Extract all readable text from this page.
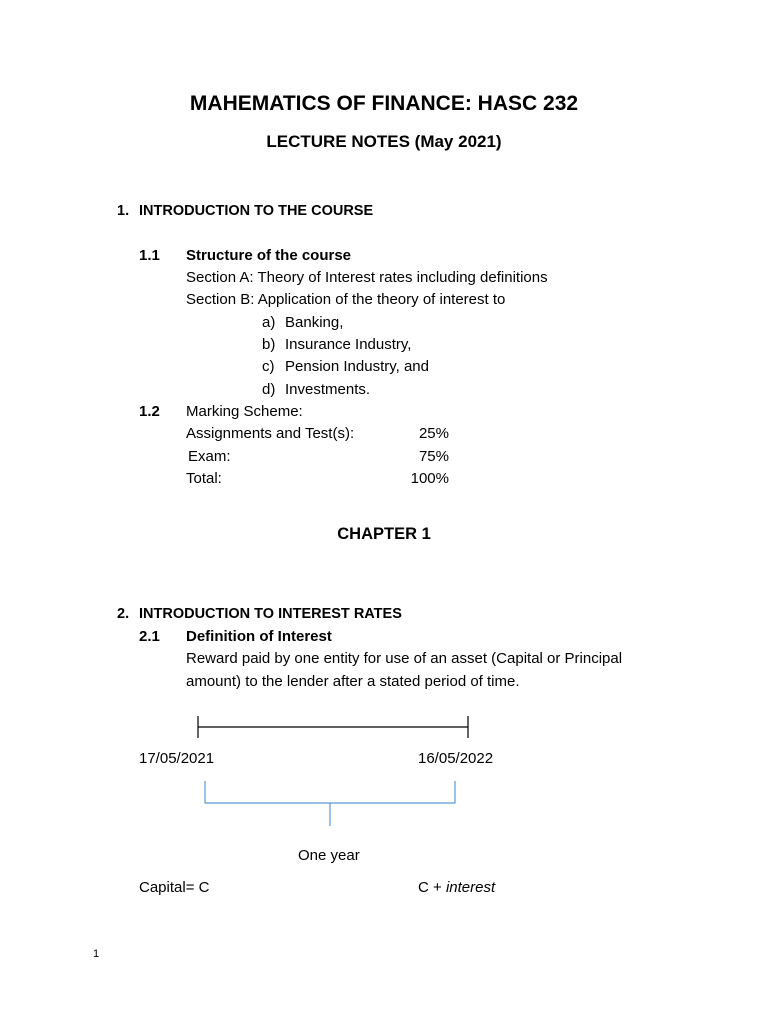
MAHEMATICS OF FINANCE: HASC 232
LECTURE NOTES (May 2021)
1. INTRODUCTION TO THE COURSE
1.1 Structure of the course
Section A: Theory of Interest rates including definitions
Section B: Application of the theory of interest to
a) Banking,
b) Insurance Industry,
c) Pension Industry, and
d) Investments.
1.2 Marking Scheme:
Assignments and Test(s):	25%
Exam:	75%
Total:	100%
CHAPTER 1
2. INTRODUCTION TO INTEREST RATES
2.1 Definition of Interest
Reward paid by one entity for use of an asset (Capital or Principal
amount) to the lender after a stated period of time.
17/05/2021	16/05/2022
One year
Capital= C	C + interest
1
